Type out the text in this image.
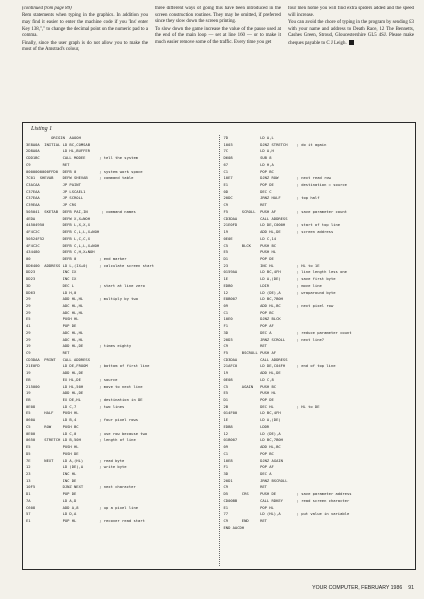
(continued from page 89)

Rem statements when typing in the graphics. In addition you may find it easier to enter the machine code if you 'Ins' enter Key 138,"," to change the decimal point on the numeric pad to a comma.

Finally, since the user graph is do not allow you to make the most of the Amstrad's colour,

three different ways of going this have been introduced in the screen construction routines. They may be omitted, if preferred since they slow down the screen printing.

To slow down the game increase the value of the pause used at the end of the main loop — set at line 160 — or to make it much easier remove some of the traffic. Every time you get

four men home you will find extra spiders added and the speed will increase.

You can avoid the chore of typing in the program by sending £3 with your name and address to Death Race, 12 The Bennetts, Cashes Green, Stroud, Gloucestershire GL5 4SJ. Please make cheques payable to C J Leigh.

Listing 1
ORIGIN  AAOOH
3E8A0A  INITIAL LD BC,COMSAB
2D8A0A          LD HL,BUFFER
CDD1BC          CALL MODEE      ; tell the system
C9              RET
0000000000FFD0  DEFB 0          ; system work space
7C01  SHEVAB    DEFW SHEVAB     ; command table
C3ACAA          JP PAINT
C37EAA          JP LSCAEL1
C37EAA          JP SCROLL
C39EAA          JP CRS
505041  SKETAB  DEFB PAI,IN      ; command names
4EDA            DEFW X,X+NOH
44504950        DEFB L,X,X,X
4F4C2C          DEFB C,L,L,X+NOH
50524F52        DEFB L,C,C,X
4F4C2C          DEFB C,L,L,X+NOH
434480          DEFB C,H,X+NOH
00              DEFB 0          ; end marker
DD6400  ADDRESS LD L,(IX+0)     ; calculate screen start
DD23            INC IX
DD23            INC IX
3D              DEC L           ; start at line zero
DD63            LD H,0
29              ADD HL,HL       ; multiply by two
29              ADC HL,HL
29              ADC HL,HL
E5              PUSH HL
41              POP DE
29              ADC HL,HL
29              ADC HL,HL
19              ADD HL,DE       ; times eighty
C9              RET
CD3DAA  PRINT   CALL ADDRESS
21E0FD          LD DE,FROOM     ; bottom of first line
19              ADD HL,DE
EB              EX HL,DE        ; source
215000          LD HL,50H       ; move to next line
19              ADD HL,DE
EB              EX DE,HL        ; destination in DE
0E08            LD C,7          ; two lines
E5      HALF    PUSH HL
060A            LD B,4          ; four pixel rows
C5      ROW     PUSH BC
0E00            LD C,0          ; use row because two
0650    STRETCH LD B,50H        ; length of line
E5              PUSH HL
D5              PUSH DE
7E      NEXT    LD A,(HL)       ; read byte
12              LD (DE),A       ; write byte
23              INC HL
13              INC DE
10F5            DJNZ NEXT       ; next character
D1              POP DE
7A              LD A,D
C608            ADD A,8         ; up a pixel line
57              LD D,A
E1              POP HL          ; recover read start
7D              LD A,L
1003            DJNZ STRETCH    ; do it again
7C              LD A,H
D608            SUB 8
67              LD H,A
C1              POP BC
10E7            DJNZ ROW        ; next read row
E1              POP DE          ; destination = source
0D              DEC C
20DC            JRNZ HALF       ; top half
C9              RET
F5      SCROLL  PUSH AF         ; save parameter count
CD3DAA          CALL ADDRESS
21E0FD          LD DE,C000H     ; start of top line
19              ADD HL,DE       ; screen address
0E0E            LD C,14
C5      BLCK    PUSH BC
E5              PUSH HL
D1              POP DE
23              INC HL          ; HL to 1E
0159AA          LD BC,4FH       ; line length less one
1E              LD A,(DE)       ; save first byte
EDB0            LDIR            ; move line
12              LD (DE),A       ; wraparound byte
E8B007          LD BC,7B0H
09              ADD HL,BC       ; next pixel row
C1              POP BC
10E0            DJNZ BLCK
F1              POP AF
3D              DEC A           ; reduce parameter count
20D3            JRNZ SCROLL     ; next line?
C9              RET
F5      BSCROLL PUSH AF
CD3DAA          CALL ADDRESS
21AFC0          LD DE,C04FH     ; end of top line
19              ADD HL,DE
0E08            LD C,8
C5      AGAIN   PUSH BC
E5              PUSH HL
D1              POP DE
2B              DEC HL          ; HL to DE
014F00          LD BC,4FH
1E              LD A,(DE)
EDB8            LDDR
12              LD (DE),A
01B007          LD BC,7B0H
09              ADD HL,BC
C1              POP BC
10E8            DJNZ AGAIN
F1              POP AF
3D              DEC A
20D1            JRNZ BSCROLL
C9              RET
D5      CRS     PUSH DE         ; save parameter address
CD00BB          CALL RDKEY      ; read screen character
E1              POP HL
77              LD (HL),A       ; put value in variable
C9      END     RET
END AACDH
YOUR COMPUTER, FEBRUARY 1986 91
